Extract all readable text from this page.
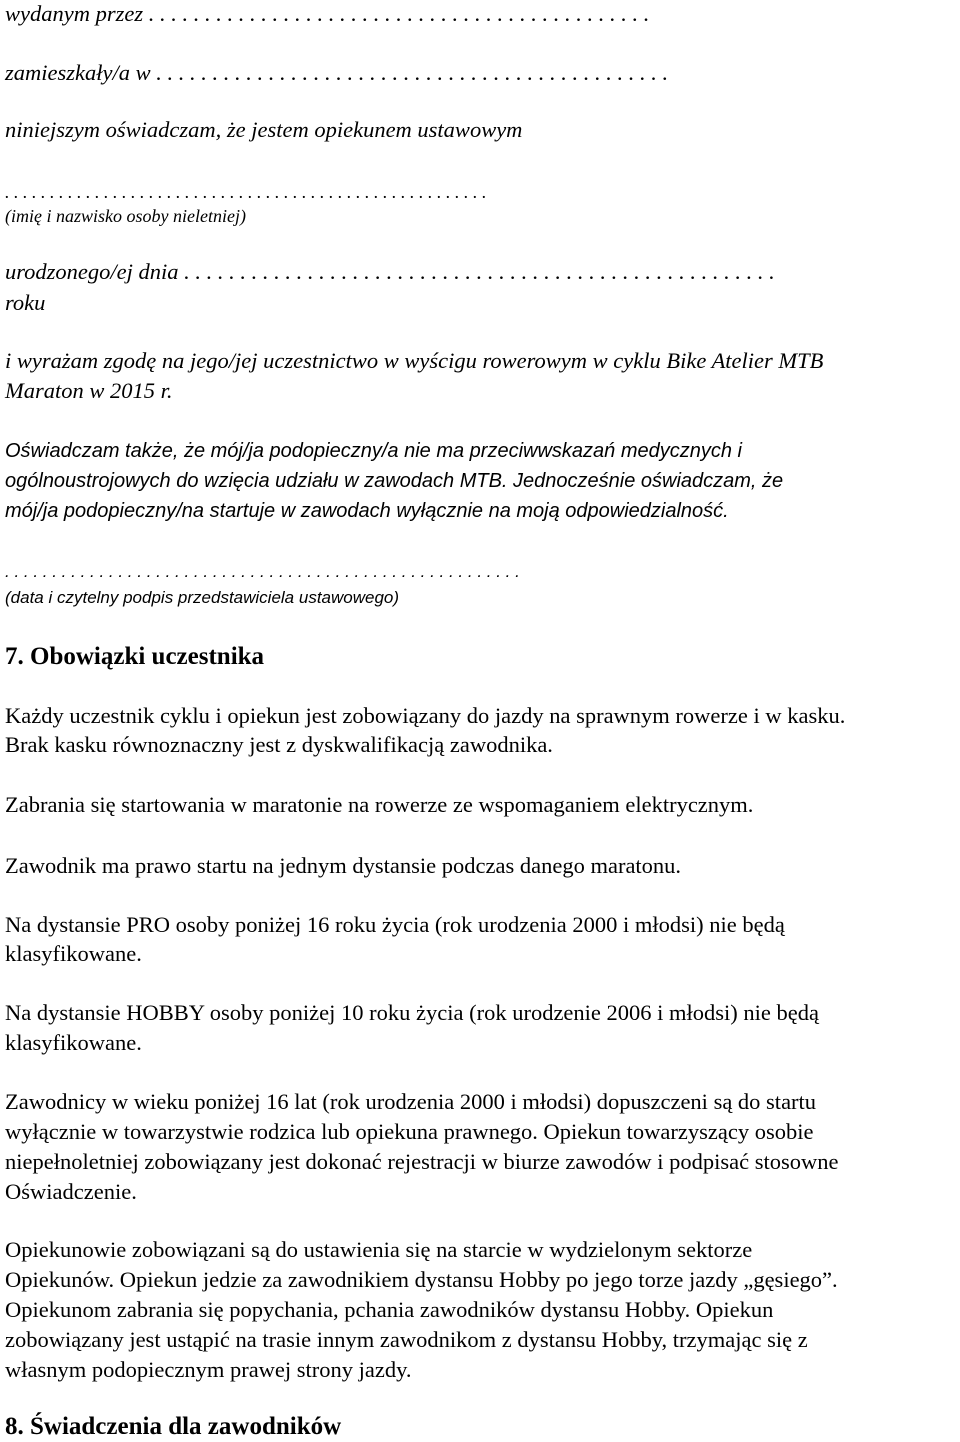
wydanym przez . . . . . . . . . . . . . . . . . . . . . . . . . . . . . . . . . . . . . . . . . . . . .
zamieszkały/a w . . . . . . . . . . . . . . . . . . . . . . . . . . . . . . . . . . . . . . . . . . . . . .
niniejszym oświadczam, że jestem opiekunem ustawowym
. . . . . . . . . . . . . . . . . . . . . . . . . . . . . . . . . . . . . . . . . . . . . . . . . . . . . .
(imię i nazwisko osoby nieletniej)
urodzonego/ej dnia . . . . . . . . . . . . . . . . . . . . . . . . . . . . . . . . . . . . . . . . . . . . . . . . . . . . .
roku
i wyrażam zgodę na jego/jej uczestnictwo w wyścigu rowerowym w cyklu Bike Atelier MTB
Maraton w 2015 r.
Oświadczam także, że mój/ja podopieczny/a nie ma przeciwwskazań medycznych i
ogólnoustrojowych do wzięcia udziału w zawodach MTB. Jednocześnie oświadczam, że
mój/ja podopieczny/na startuje w zawodach wyłącznie na moją odpowiedzialność.
. . . . . . . . . . . . . . . . . . . . . . . . . . . . . . . . . . . . . . . . . . . . . . . . . . . . . . .
(data i czytelny podpis przedstawiciela ustawowego)
7. Obowiązki uczestnika
Każdy uczestnik cyklu i opiekun jest zobowiązany do jazdy na sprawnym rowerze i w kasku.
Brak kasku równoznaczny jest z dyskwalifikacją zawodnika.
Zabrania się startowania w maratonie na rowerze ze wspomaganiem elektrycznym.
Zawodnik ma prawo startu na jednym dystansie podczas danego maratonu.
Na dystansie PRO osoby poniżej 16 roku życia (rok urodzenia 2000 i młodsi) nie będą
klasyfikowane.
Na dystansie HOBBY osoby poniżej 10 roku życia (rok urodzenie 2006 i młodsi) nie będą
klasyfikowane.
Zawodnicy w wieku poniżej 16 lat (rok urodzenia 2000 i młodsi) dopuszczeni są do startu
wyłącznie w towarzystwie rodzica lub opiekuna prawnego. Opiekun towarzyszący osobie
niepełnoletniej zobowiązany jest dokonać rejestracji w biurze zawodów i podpisać stosowne
Oświadczenie.
Opiekunowie zobowiązani są do ustawienia się na starcie w wydzielonym sektorze
Opiekunów. Opiekun jedzie za zawodnikiem dystansu Hobby po jego torze jazdy „gęsiego”.
Opiekunom zabrania się popychania, pchania zawodników dystansu Hobby. Opiekun
zobowiązany jest ustąpić na trasie innym zawodnikom z dystansu Hobby, trzymając się z
własnym podopiecznym prawej strony jazdy.
8. Świadczenia dla zawodników
